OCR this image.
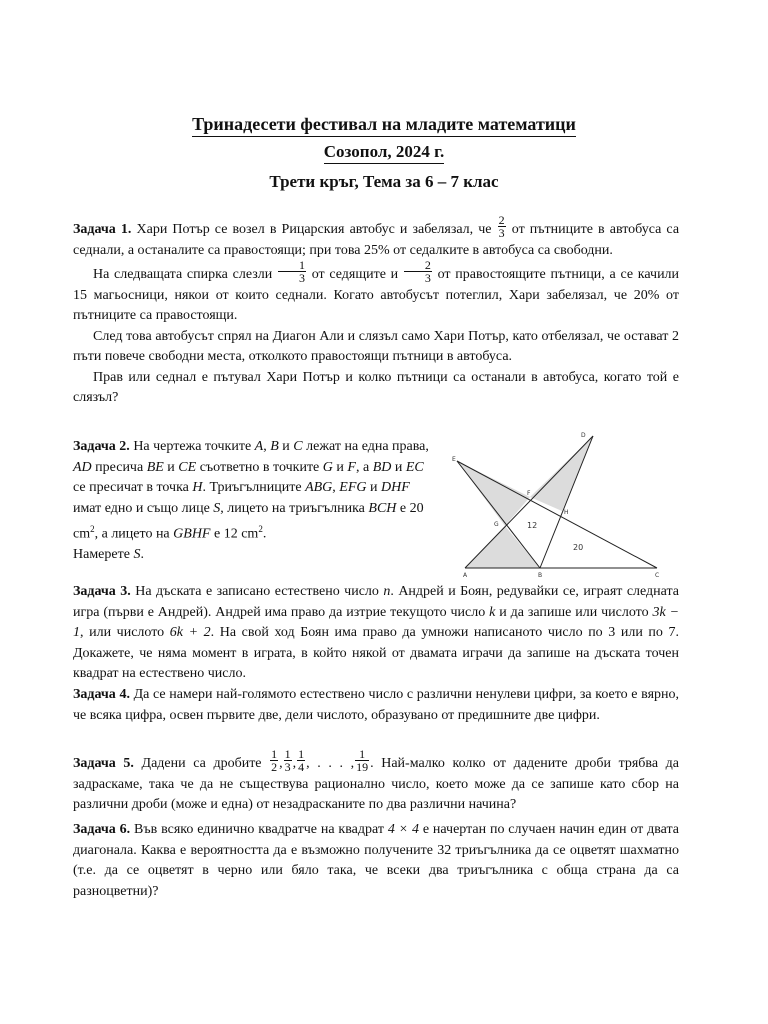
Тринадесети фестивал на младите математици
Созопол, 2024 г.
Трети кръг, Тема за 6 – 7 клас
Задача 1. Хари Потър се возел в Рицарския автобус и забелязал, че $\frac{2}{3}$ от пътниците в автобуса са седнали, а останалите са правостоящи; при това 25% от седалките в автобуса са свободни.
На следващата спирка слезли $\frac{1}{3}$ от седящите и $\frac{2}{3}$ от правостоящите пътници, а се качили 15 магьосници, някои от които седнали. Когато автобусът потеглил, Хари забелязал, че 20% от пътниците са правостоящи.
След това автобусът спрял на Диагон Али и слязъл само Хари Потър, като отбелязал, че остават 2 пъти повече свободни места, отколкото правостоящи пътници в автобуса.
Прав или седнал е пътувал Хари Потър и колко пътници са останали в автобуса, когато той е слязъл?
Задача 2. На чертежа точките A, B и C лежат на една права, AD пресича BE и CE съответно в точките G и F, а BD и EC се пресичат в точка H. Триъгълниците ABG, EFG и DHF имат едно и също лице S, лицето на триъгълника BCH е 20 $cm^2$, а лицето на GBHF е 12 $cm^2$.
Намерете S.
A	B	C
D
E
F
G
H
12
20
Задача 3. На дъската е записано естествено число n. Андрей и Боян, редувайки се, играят следната игра (първи е Андрей). Андрей има право да изтрие текущото число k и да запише или числото 3k − 1, или числото 6k + 2. На свой ход Боян има право да умножи написаното число по 3 или по 7. Докажете, че няма момент в играта, в който някой от двамата играчи да запише на дъската точен квадрат на естествено число.
Задача 4. Да се намери най-голямото естествено число с различни ненулеви цифри, за което е вярно, че всяка цифра, освен първите две, дели числото, образувано от предишните две цифри.
Задача 5. Дадени са дробите $\frac{1}{2}$ , $\frac{1}{3}$ , $\frac{1}{4}$ , . . . , $\frac{1}{19}$ . Най-малко колко от дадените дроби трябва да задраскаме, така че да не съществува рационално число, което може да се запише като сбор на различни дроби (може и една) от незадрасканите по два различни начина?
Задача 6. Във всяко единично квадратче на квадрат 4 × 4 е начертан по случаен начин един от двата диагонала. Каква е вероятността да е възможно получените 32 триъгълника да се оцветят шахматно (т.е. да се оцветят в черно или бяло така, че всеки два триъгълника с обща страна да са разноцветни)?
